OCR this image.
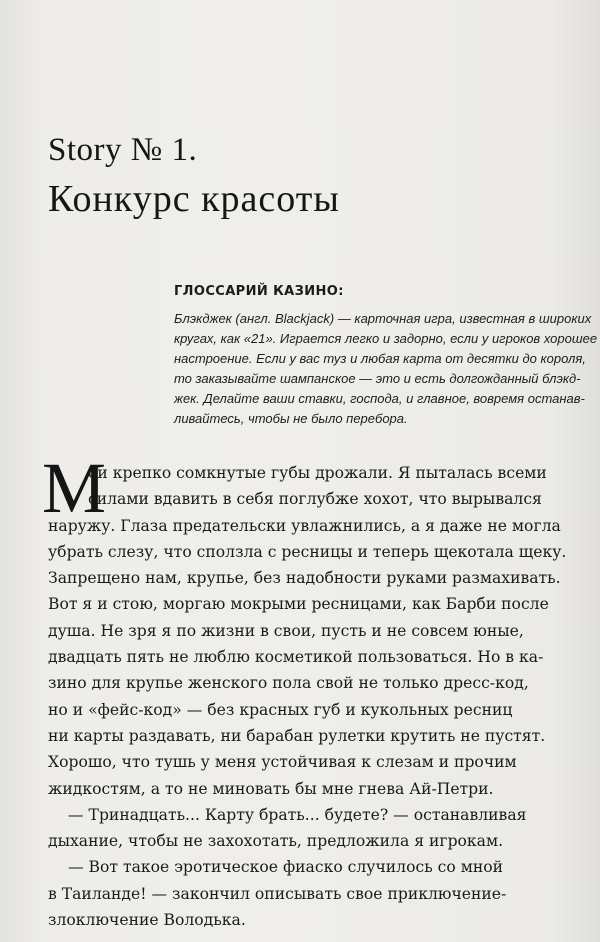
Story № 1.
Конкурс красоты
ГЛОССАРИЙ КАЗИНО:
Блэкджек (англ. Blackjack) — карточная игра, известная в широких
кругах, как «21». Играется легко и задорно, если у игроков хорошее
настроение. Если у вас туз и любая карта от десятки до короля,
то заказывайте шампанское — это и есть долгожданный блэкд-
жек. Делайте ваши ставки, господа, и главное, вовремя останав-
ливайтесь, чтобы не было перебора.
М
ои крепко сомкнутые губы дрожали. Я пыталась всеми
силами вдавить в себя поглубже хохот, что вырывался
наружу. Глаза предательски увлажнились, а я даже не могла
убрать слезу, что сползла с ресницы и теперь щекотала щеку.
Запрещено нам, крупье, без надобности руками размахивать.
Вот я и стою, моргаю мокрыми ресницами, как Барби после
душа. Не зря я по жизни в свои, пусть и не совсем юные,
двадцать пять не люблю косметикой пользоваться. Но в ка-
зино для крупье женского пола свой не только дресс-код,
но и «фейс-код» — без красных губ и кукольных ресниц
ни карты раздавать, ни барабан рулетки крутить не пустят.
Хорошо, что тушь у меня устойчивая к слезам и прочим
жидкостям, а то не миновать бы мне гнева Ай-Петри.
— Тринадцать... Карту брать... будете? — останавливая
дыхание, чтобы не захохотать, предложила я игрокам.
— Вот такое эротическое фиаско случилось со мной
в Таиланде! — закончил описывать свое приключение-
злоключение Володька.
